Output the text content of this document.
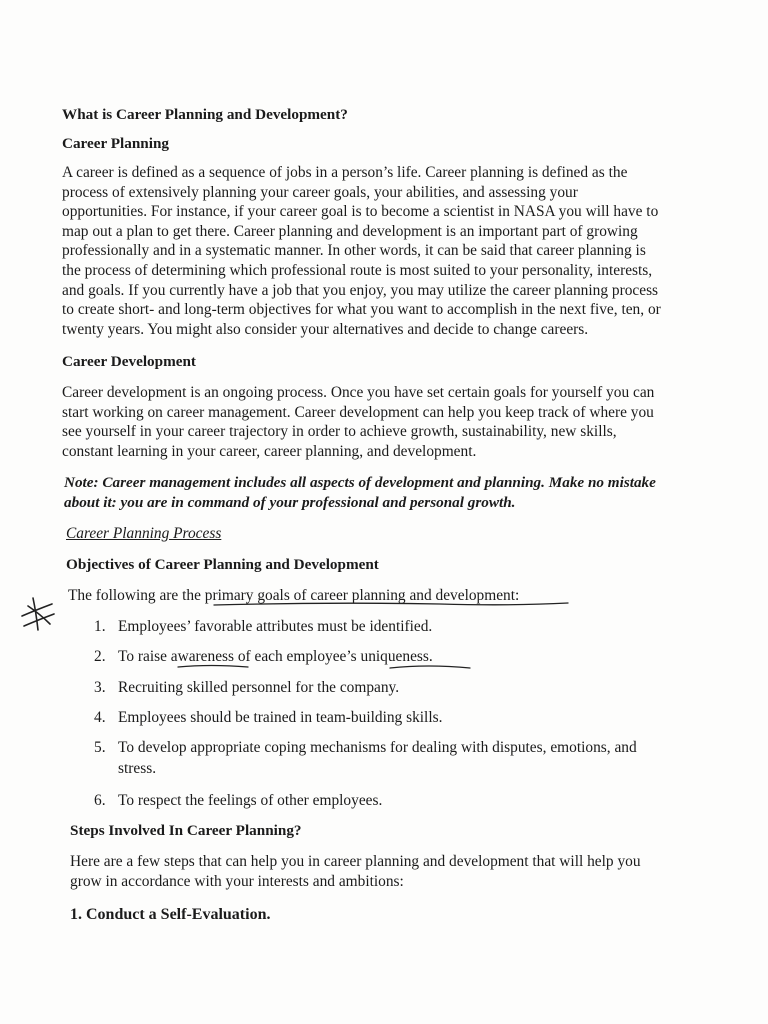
What is Career Planning and Development?
Career Planning
A career is defined as a sequence of jobs in a person’s life. Career planning is defined as the
process of extensively planning your career goals, your abilities, and assessing your
opportunities. For instance, if your career goal is to become a scientist in NASA you will have to
map out a plan to get there. Career planning and development is an important part of growing
professionally and in a systematic manner. In other words, it can be said that career planning is
the process of determining which professional route is most suited to your personality, interests,
and goals. If you currently have a job that you enjoy, you may utilize the career planning process
to create short- and long-term objectives for what you want to accomplish in the next five, ten, or
twenty years. You might also consider your alternatives and decide to change careers.
Career Development
Career development is an ongoing process. Once you have set certain goals for yourself you can
start working on career management. Career development can help you keep track of where you
see yourself in your career trajectory in order to achieve growth, sustainability, new skills,
constant learning in your career, career planning, and development.
Note: Career management includes all aspects of development and planning. Make no mistake
about it: you are in command of your professional and personal growth.
Career Planning Process
Objectives of Career Planning and Development
The following are the primary goals of career planning and development:
1. Employees’ favorable attributes must be identified.
2. To raise awareness of each employee’s uniqueness.
3. Recruiting skilled personnel for the company.
4. Employees should be trained in team-building skills.
5. To develop appropriate coping mechanisms for dealing with disputes, emotions, and
stress.
6. To respect the feelings of other employees.
Steps Involved In Career Planning?
Here are a few steps that can help you in career planning and development that will help you
grow in accordance with your interests and ambitions:
1. Conduct a Self-Evaluation.
